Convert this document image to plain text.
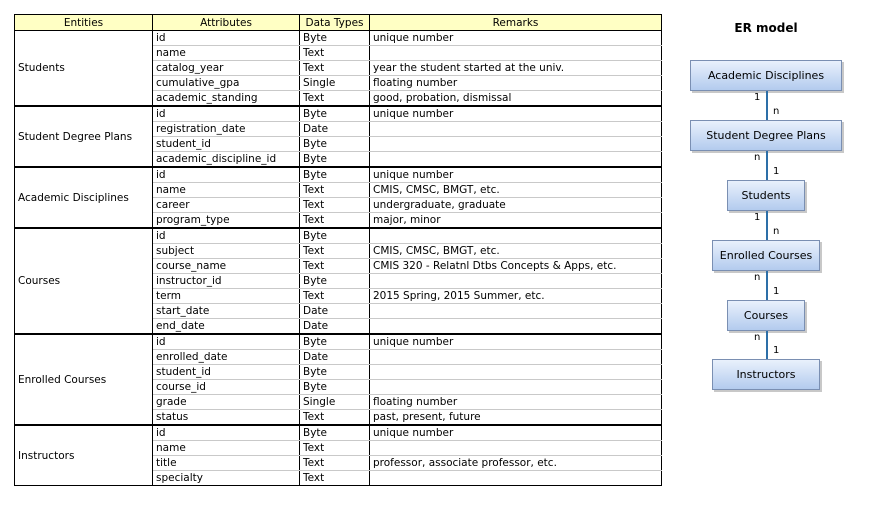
Entities	Attributes	Data Types	Remarks
Students	id	Byte	unique number
	name	Text	
	catalog_year	Text	year the student started at the univ.
	cumulative_gpa	Single	floating number
	academic_standing	Text	good, probation, dismissal
Student Degree Plans	id	Byte	unique number
	registration_date	Date	
	student_id	Byte	
	academic_discipline_id	Byte	
Academic Disciplines	id	Byte	unique number
	name	Text	CMIS, CMSC, BMGT, etc.
	career	Text	undergraduate, graduate
	program_type	Text	major, minor
Courses	id	Byte	
	subject	Text	CMIS, CMSC, BMGT, etc.
	course_name	Text	CMIS 320 - Relatnl Dtbs Concepts & Apps, etc.
	instructor_id	Byte	
	term	Text	2015 Spring, 2015 Summer, etc.
	start_date	Date	
	end_date	Date	
Enrolled Courses	id	Byte	unique number
	enrolled_date	Date	
	student_id	Byte	
	course_id	Byte	
	grade	Single	floating number
	status	Text	past, present, future
Instructors	id	Byte	unique number
	name	Text	
	title	Text	professor, associate professor, etc.
	specialty	Text	
ER model
Academic Disciplines
Student Degree Plans
Students
Enrolled Courses
Courses
Instructors
1
n
n
1
1
n
n
1
n
1
